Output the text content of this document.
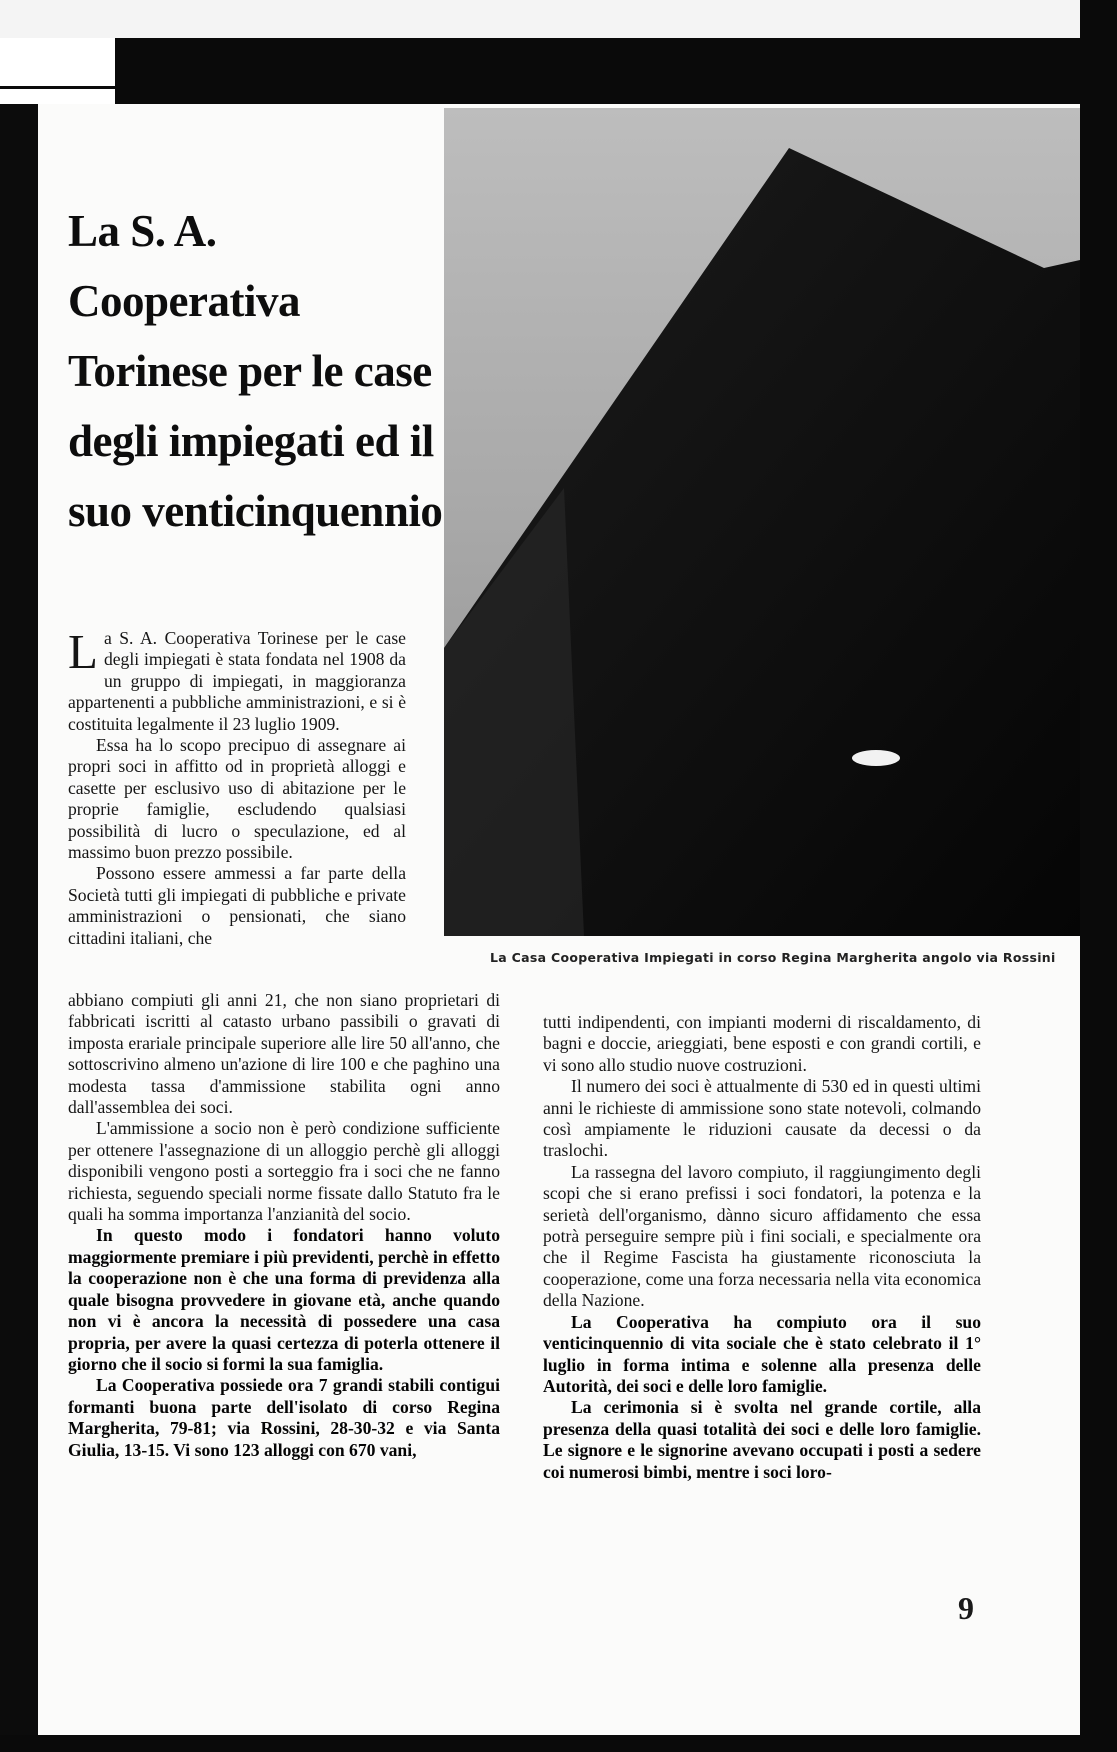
La Casa Cooperativa Impiegati in corso Regina Margherita angolo via Rossini
La S. A. Cooperativa Torinese per le case degli impiegati ed il suo venticinquennio

La S. A. Cooperativa Torinese per le case degli impiegati è stata fondata nel 1908 da un gruppo di impiegati, in maggioranza appartenenti a pubbliche amministrazioni, e si è costituita legalmente il 23 luglio 1909.

Essa ha lo scopo precipuo di assegnare ai propri soci in affitto od in proprietà alloggi e casette per esclusivo uso di abitazione per le proprie famiglie, escludendo qualsiasi possibilità di lucro o speculazione, ed al massimo buon prezzo possibile.

Possono essere ammessi a far parte della Società tutti gli impiegati di pubbliche e private amministrazioni o pensionati, che siano cittadini italiani, che

abbiano compiuti gli anni 21, che non siano proprietari di fabbricati iscritti al catasto urbano passibili o gravati di imposta erariale principale superiore alle lire 50 all'anno, che sottoscrivino almeno un'azione di lire 100 e che paghino una modesta tassa d'ammissione stabilita ogni anno dall'assemblea dei soci.

L'ammissione a socio non è però condizione sufficiente per ottenere l'assegnazione di un alloggio perchè gli alloggi disponibili vengono posti a sorteggio fra i soci che ne fanno richiesta, seguendo speciali norme fissate dallo Statuto fra le quali ha somma importanza l'anzianità del socio.

In questo modo i fondatori hanno voluto maggiormente premiare i più previdenti, perchè in effetto la cooperazione non è che una forma di previdenza alla quale bisogna provvedere in giovane età, anche quando non vi è ancora la necessità di possedere una casa propria, per avere la quasi certezza di poterla ottenere il giorno che il socio si formi la sua famiglia.

La Cooperativa possiede ora 7 grandi stabili contigui formanti buona parte dell'isolato di corso Regina Margherita, 79-81; via Rossini, 28-30-32 e via Santa Giulia, 13-15. Vi sono 123 alloggi con 670 vani,

tutti indipendenti, con impianti moderni di riscaldamento, di bagni e doccie, arieggiati, bene esposti e con grandi cortili, e vi sono allo studio nuove costruzioni.

Il numero dei soci è attualmente di 530 ed in questi ultimi anni le richieste di ammissione sono state notevoli, colmando così ampiamente le riduzioni causate da decessi o da traslochi.

La rassegna del lavoro compiuto, il raggiungimento degli scopi che si erano prefissi i soci fondatori, la potenza e la serietà dell'organismo, dànno sicuro affidamento che essa potrà perseguire sempre più i fini sociali, e specialmente ora che il Regime Fascista ha giustamente riconosciuta la cooperazione, come una forza necessaria nella vita economica della Nazione.

La Cooperativa ha compiuto ora il suo venticinquennio di vita sociale che è stato celebrato il 1° luglio in forma intima e solenne alla presenza delle Autorità, dei soci e delle loro famiglie.

La cerimonia si è svolta nel grande cortile, alla presenza della quasi totalità dei soci e delle loro famiglie. Le signore e le signorine avevano occupati i posti a sedere coi numerosi bimbi, mentre i soci loro-

9
